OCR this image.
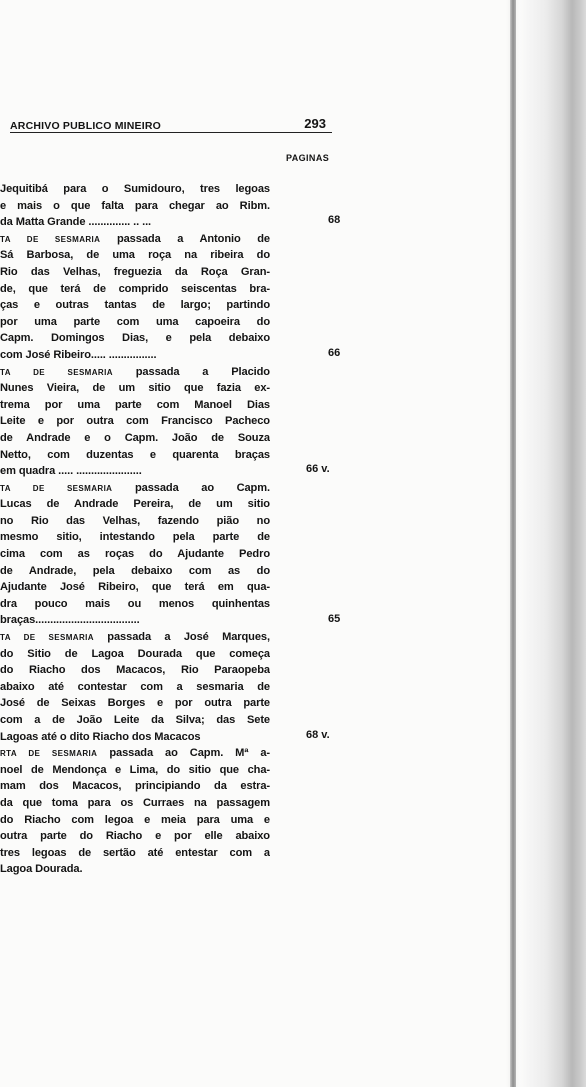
ARCHIVO PUBLICO MINEIRO	293
PAGINAS
Jequitibá para o Sumidouro, tres legoas
e mais o que falta para chegar ao Ribm.
da Matta Grande .............. .. ...
TA DE SESMARIA passada a Antonio de
Sá Barbosa, de uma roça na ribeira do
Rio das Velhas, freguezia da Roça Gran-
de, que terá de comprido seiscentas bra-
ças e outras tantas de largo; partindo
por uma parte com uma capoeira do
Capm. Domingos Dias, e pela debaixo
com José Ribeiro..... ................
TA DE SESMARIA passada a Placido
Nunes Vieira, de um sitio que fazia ex-
trema por uma parte com Manoel Dias
Leite e por outra com Francisco Pacheco
de Andrade e o Capm. João de Souza
Netto, com duzentas e quarenta braças
em quadra ..... ......................
TA DE SESMARIA passada ao Capm.
Lucas de Andrade Pereira, de um sitio
no Rio das Velhas, fazendo pião no
mesmo sitio, intestando pela parte de
cima com as roças do Ajudante Pedro
de Andrade, pela debaixo com as do
Ajudante José Ribeiro, que terá em qua-
dra pouco mais ou menos quinhentas
braças...................................
TA DE SESMARIA passada a José Marques,
do Sitio de Lagoa Dourada que começa
do Riacho dos Macacos, Rio Paraopeba
abaixo até contestar com a sesmaria de
José de Seixas Borges e por outra parte
com a de João Leite da Silva; das Sete
Lagoas até o dito Riacho dos Macacos
RTA DE SESMARIA passada ao Capm. Mª a-
noel de Mendonça e Lima, do sitio que cha-
mam dos Macacos, principiando da estra-
da que toma para os Curraes na passagem
do Riacho com legoa e meia para uma e
outra parte do Riacho e por elle abaixo
tres legoas de sertão até entestar com a
Lagoa Dourada.
68
66
66 v.
65
68 v.
